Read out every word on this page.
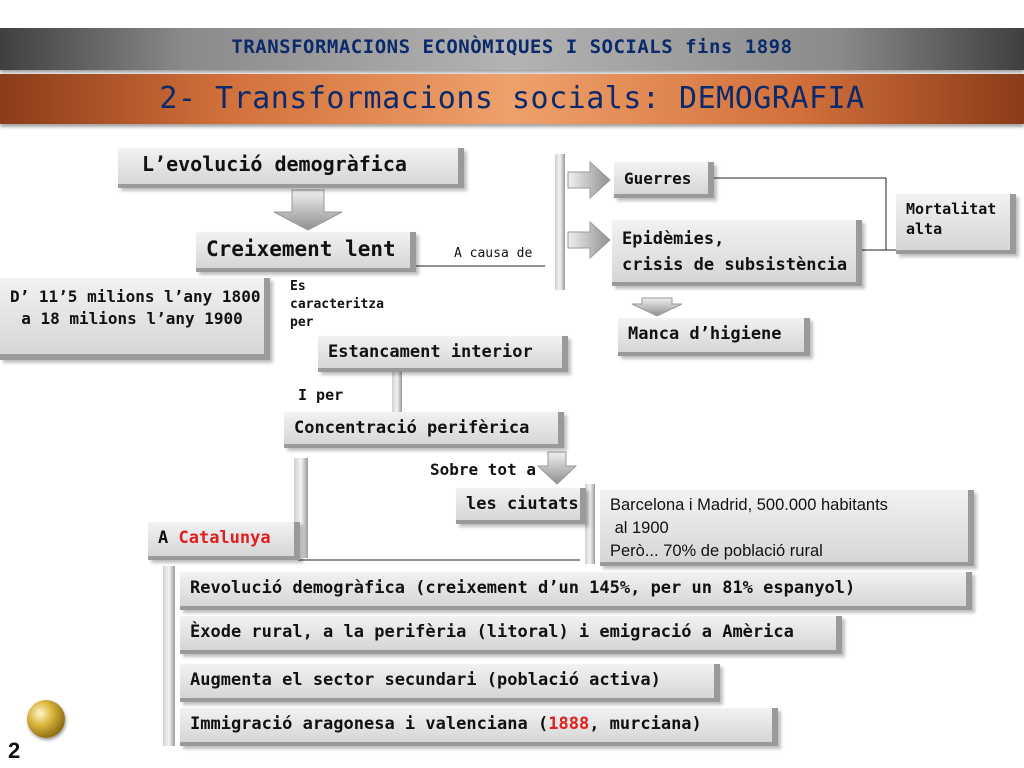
TRANSFORMACIONS ECONÒMIQUES I SOCIALS fins 1898
2- Transformacions socials: DEMOGRAFIA
L’evolució demogràfica
Creixement lent
D’ 11’5 milions l’any 1800
a 18 milions l’any 1900
Es
caracteritza
per
A causa de
Guerres
Epidèmies,
crisis de subsistència
Mortalitat
alta
Manca d’higiene
Estancament interior
I per
Concentració perifèrica
Sobre tot a
les ciutats	Barcelona i Madrid, 500.000 habitants
al 1900
Però... 70% de població rural
A Catalunya
Revolució demogràfica (creixement d’un 145%, per un 81% espanyol)
Èxode rural, a la perifèria (litoral) i emigració a Amèrica
Augmenta el sector secundari (població activa)
Immigració aragonesa i valenciana (1888, murciana)
2
